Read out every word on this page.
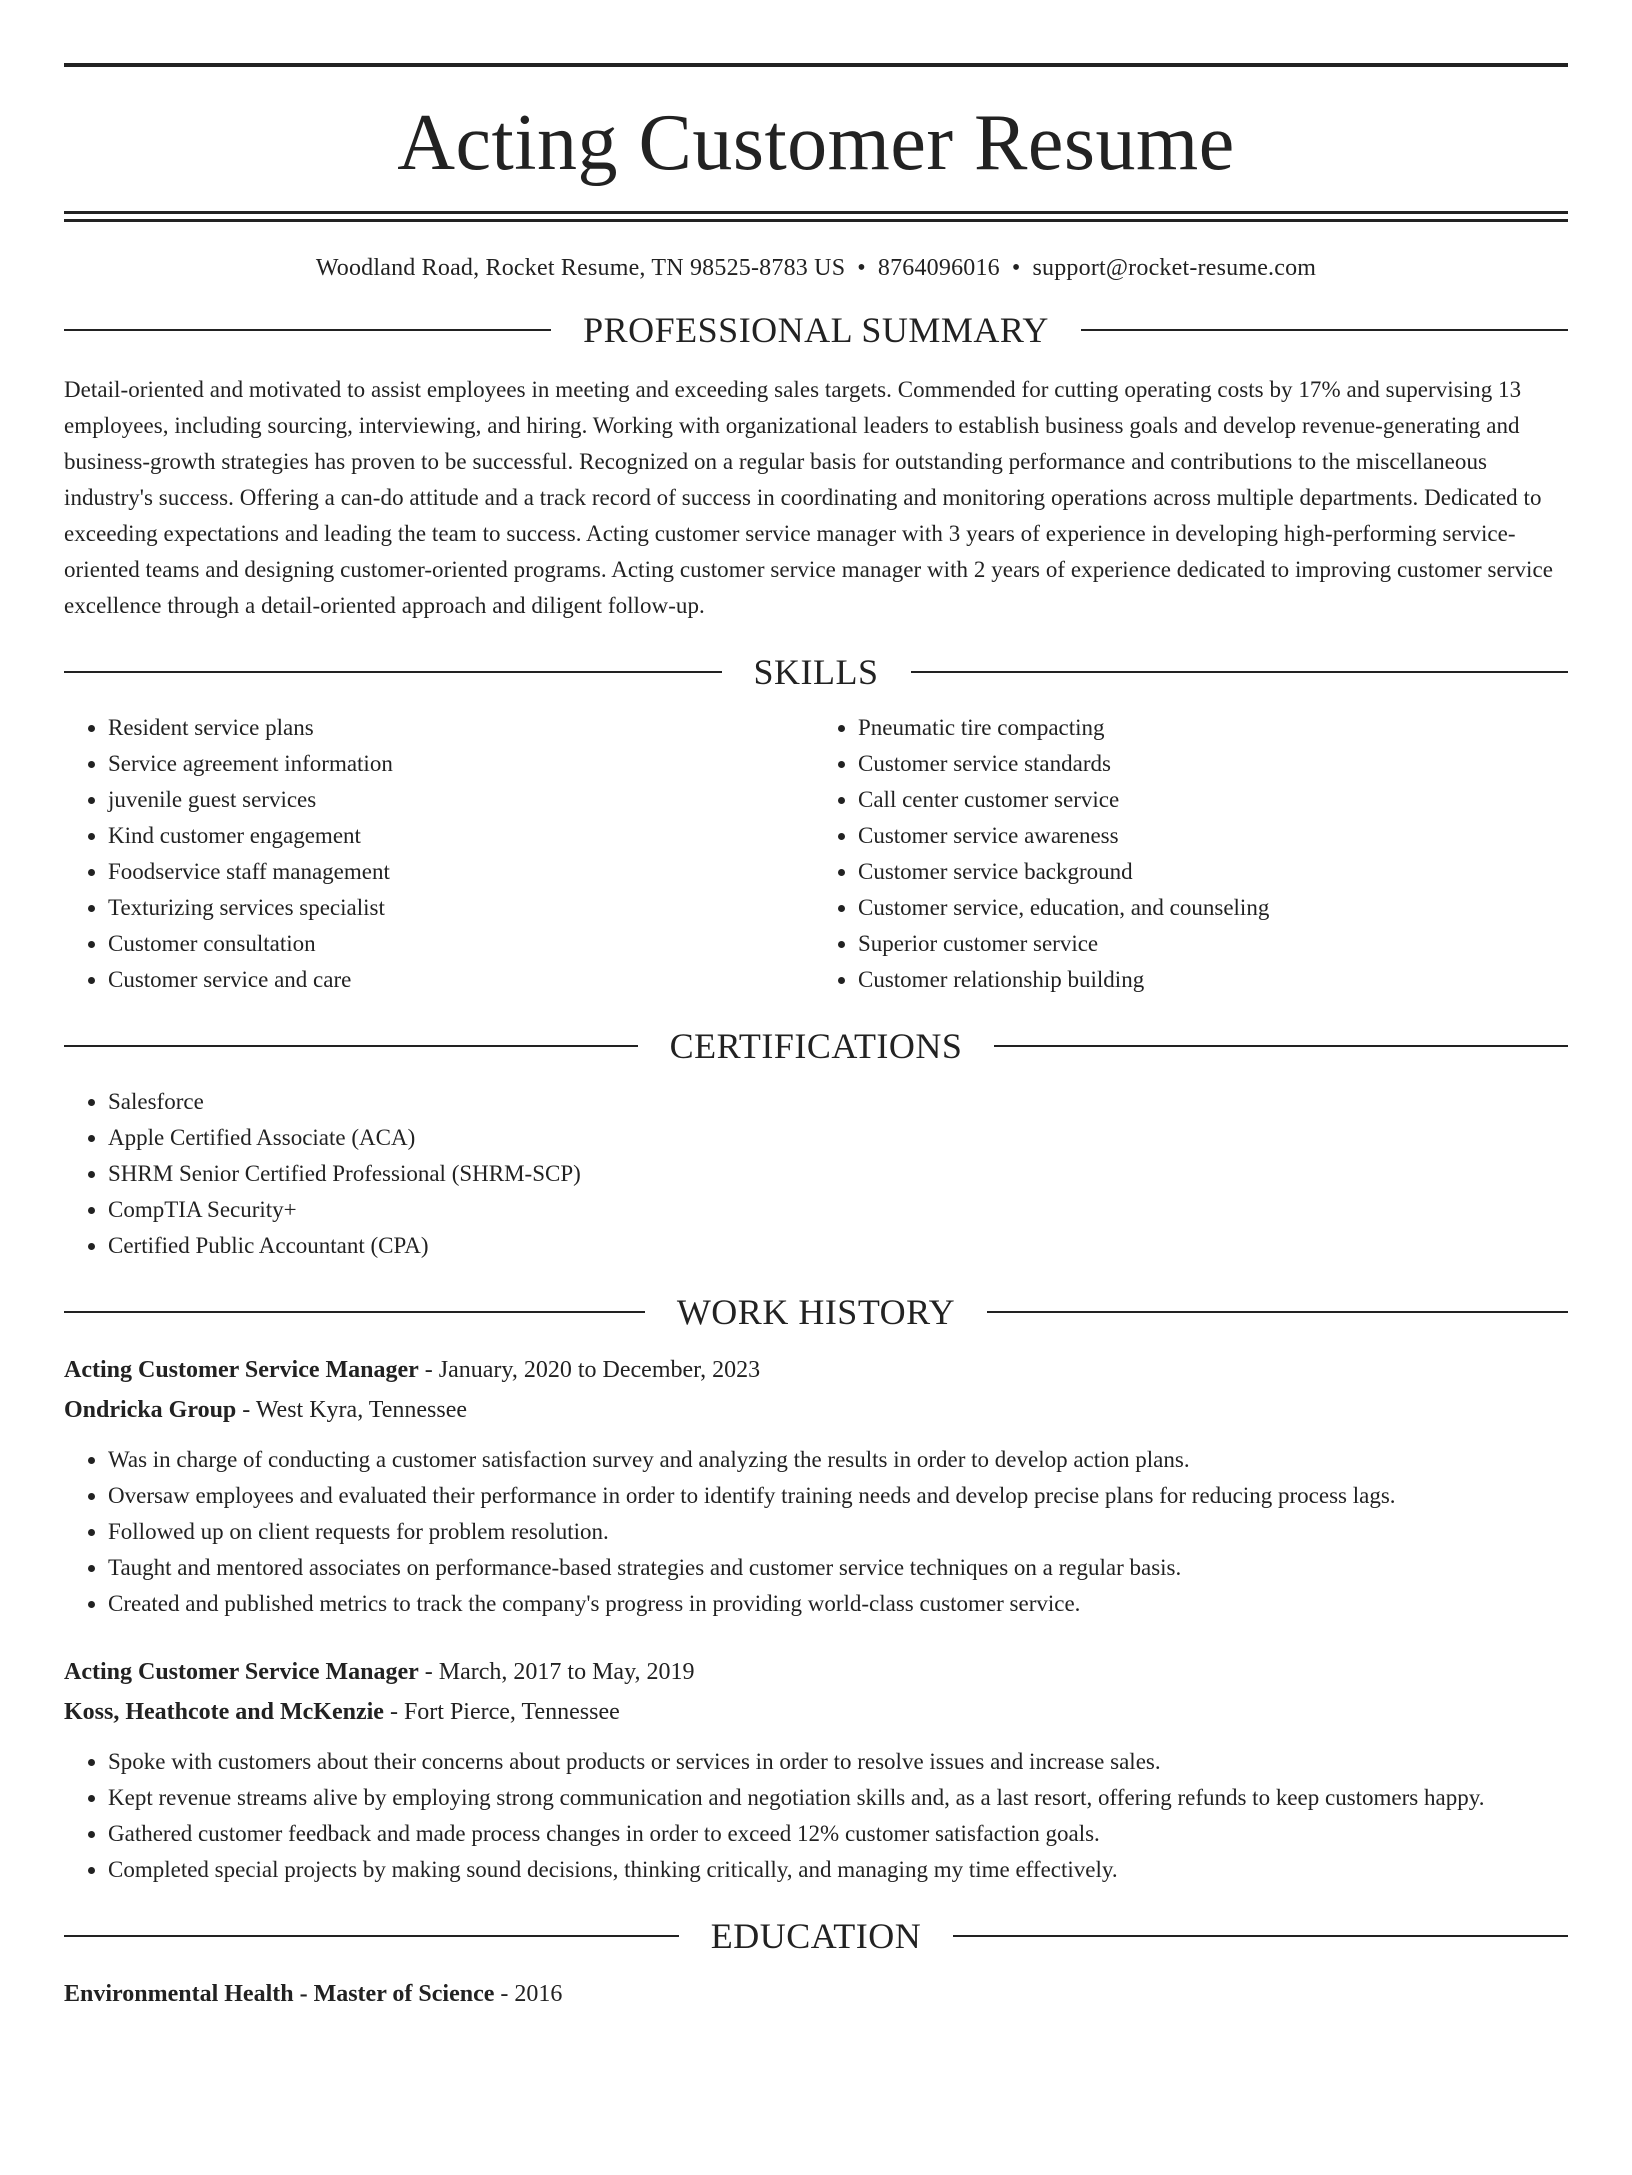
Acting Customer Resume
Woodland Road, Rocket Resume, TN 98525-8783 US • 8764096016 • support@rocket-resume.com
PROFESSIONAL SUMMARY
Detail-oriented and motivated to assist employees in meeting and exceeding sales targets. Commended for cutting operating costs by 17% and supervising 13 employees, including sourcing, interviewing, and hiring. Working with organizational leaders to establish business goals and develop revenue-generating and business-growth strategies has proven to be successful. Recognized on a regular basis for outstanding performance and contributions to the miscellaneous industry's success. Offering a can-do attitude and a track record of success in coordinating and monitoring operations across multiple departments. Dedicated to exceeding expectations and leading the team to success. Acting customer service manager with 3 years of experience in developing high-performing service-oriented teams and designing customer-oriented programs. Acting customer service manager with 2 years of experience dedicated to improving customer service excellence through a detail-oriented approach and diligent follow-up.
SKILLS
• Resident service plans
• Service agreement information
• juvenile guest services
• Kind customer engagement
• Foodservice staff management
• Texturizing services specialist
• Customer consultation
• Customer service and care
• Pneumatic tire compacting
• Customer service standards
• Call center customer service
• Customer service awareness
• Customer service background
• Customer service, education, and counseling
• Superior customer service
• Customer relationship building
CERTIFICATIONS
• Salesforce
• Apple Certified Associate (ACA)
• SHRM Senior Certified Professional (SHRM-SCP)
• CompTIA Security+
• Certified Public Accountant (CPA)
WORK HISTORY
Acting Customer Service Manager - January, 2020 to December, 2023
Ondricka Group - West Kyra, Tennessee
• Was in charge of conducting a customer satisfaction survey and analyzing the results in order to develop action plans.
• Oversaw employees and evaluated their performance in order to identify training needs and develop precise plans for reducing process lags.
• Followed up on client requests for problem resolution.
• Taught and mentored associates on performance-based strategies and customer service techniques on a regular basis.
• Created and published metrics to track the company's progress in providing world-class customer service.
Acting Customer Service Manager - March, 2017 to May, 2019
Koss, Heathcote and McKenzie - Fort Pierce, Tennessee
• Spoke with customers about their concerns about products or services in order to resolve issues and increase sales.
• Kept revenue streams alive by employing strong communication and negotiation skills and, as a last resort, offering refunds to keep customers happy.
• Gathered customer feedback and made process changes in order to exceed 12% customer satisfaction goals.
• Completed special projects by making sound decisions, thinking critically, and managing my time effectively.
EDUCATION
Environmental Health - Master of Science - 2016
